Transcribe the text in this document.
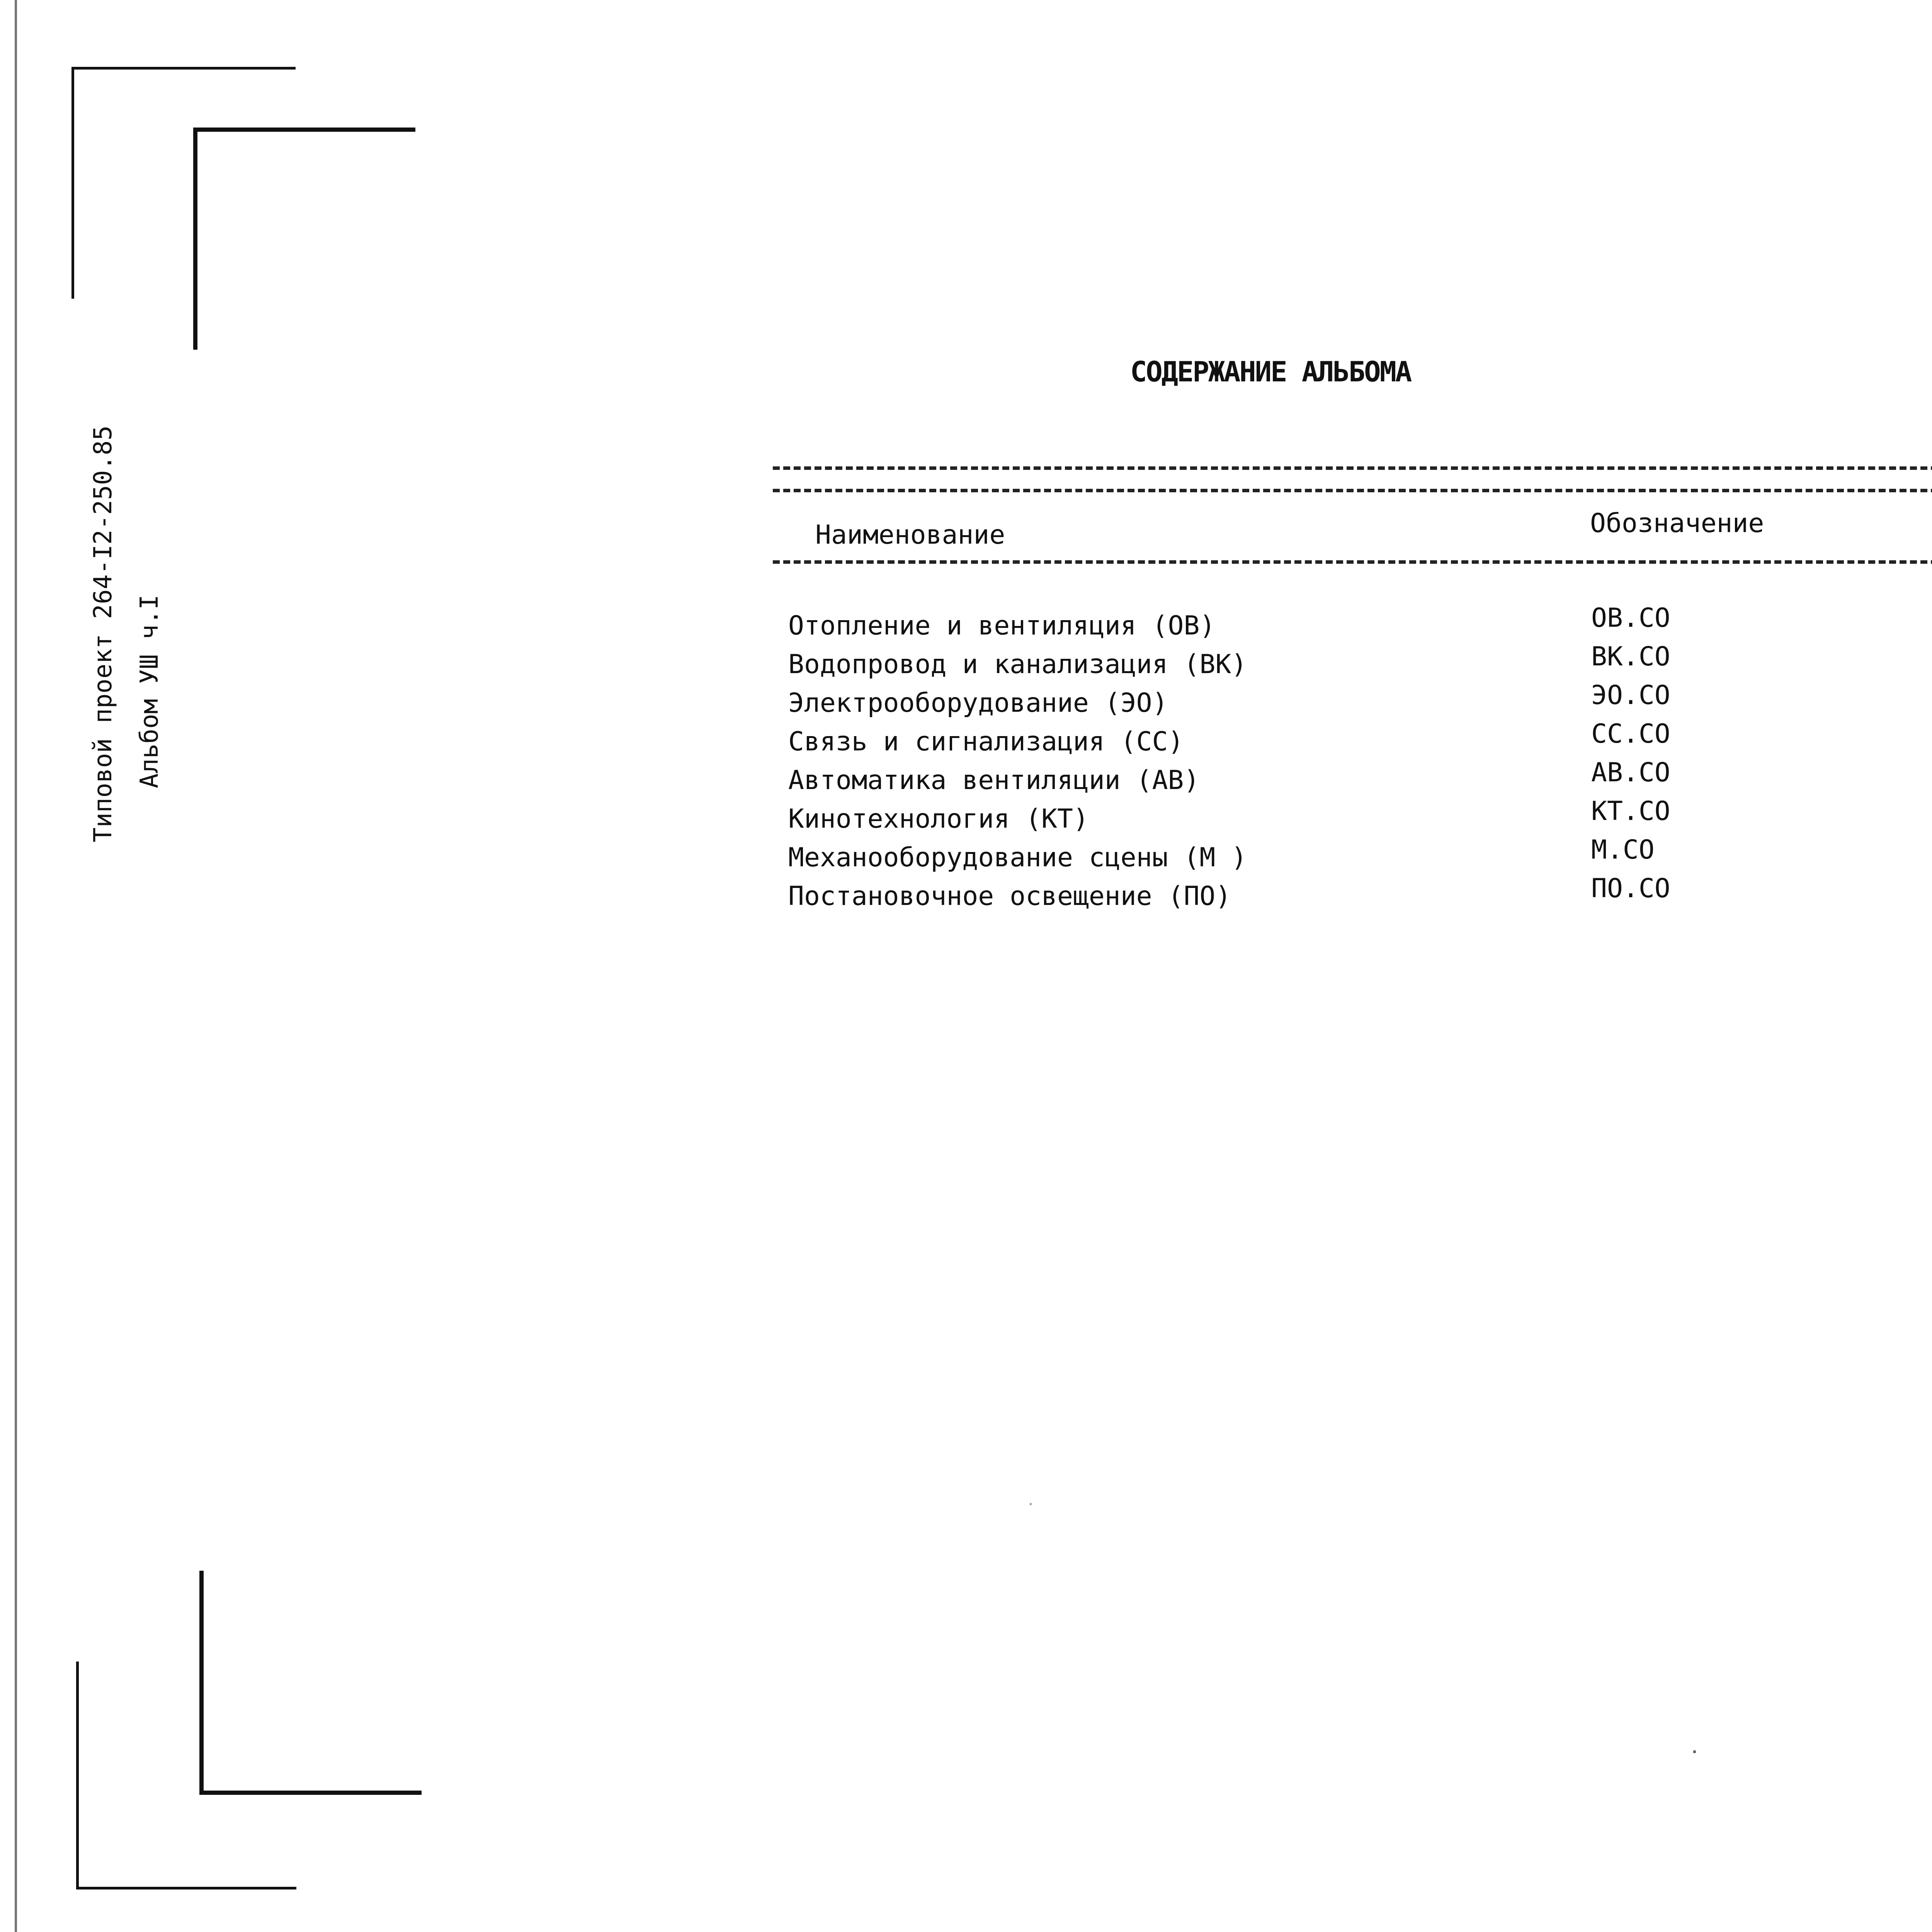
Типовой проект 264-I2-250.85 Альбом УШ ч.I
СОДЕРЖАНИЕ АЛЬБОМА
Наименование	Обозначение
Отопление и вентиляция (ОВ)	ОВ.СО
Водопровод и канализация (ВК)	ВК.СО
Электрооборудование (ЭО)	ЭО.СО
Связь и сигнализация (СС)	СС.СО
Автоматика вентиляции (АВ)	АВ.СО
Кинотехнология (КТ)	КТ.СО
Механооборудование сцены (М )	М.СО
Постановочное освещение (ПО)	ПО.СО
